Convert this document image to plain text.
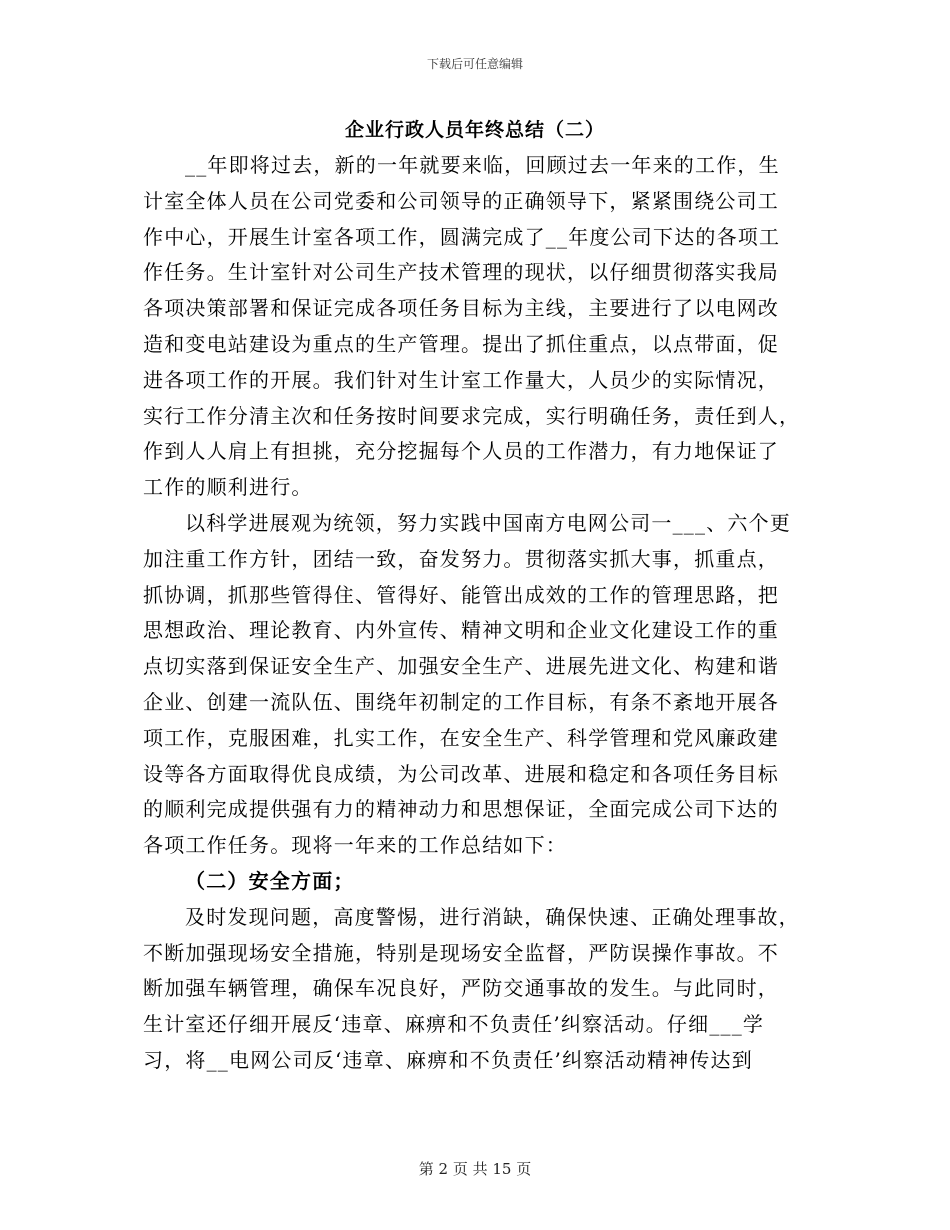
下载后可任意编辑
企业行政人员年终总结（二）
__年即将过去，新的一年就要来临，回顾过去一年来的工作，生
计室全体人员在公司党委和公司领导的正确领导下，紧紧围绕公司工
作中心，开展生计室各项工作，圆满完成了__年度公司下达的各项工
作任务。生计室针对公司生产技术管理的现状，以仔细贯彻落实我局
各项决策部署和保证完成各项任务目标为主线，主要进行了以电网改
造和变电站建设为重点的生产管理。提出了抓住重点，以点带面，促
进各项工作的开展。我们针对生计室工作量大，人员少的实际情况，
实行工作分清主次和任务按时间要求完成，实行明确任务，责任到人，
作到人人肩上有担挑，充分挖掘每个人员的工作潜力，有力地保证了
工作的顺利进行。
以科学进展观为统领，努力实践中国南方电网公司一___、六个更
加注重工作方针，团结一致，奋发努力。贯彻落实抓大事，抓重点，
抓协调，抓那些管得住、管得好、能管出成效的工作的管理思路，把
思想政治、理论教育、内外宣传、精神文明和企业文化建设工作的重
点切实落到保证安全生产、加强安全生产、进展先进文化、构建和谐
企业、创建一流队伍、围绕年初制定的工作目标，有条不紊地开展各
项工作，克服困难，扎实工作，在安全生产、科学管理和党风廉政建
设等各方面取得优良成绩，为公司改革、进展和稳定和各项任务目标
的顺利完成提供强有力的精神动力和思想保证，全面完成公司下达的
各项工作任务。现将一年来的工作总结如下：
（二）安全方面；
及时发现问题，高度警惕，进行消缺，确保快速、正确处理事故，
不断加强现场安全措施，特别是现场安全监督，严防误操作事故。不
断加强车辆管理，确保车况良好，严防交通事故的发生。与此同时，
生计室还仔细开展反‘违章、麻痹和不负责任’纠察活动。仔细___学
习，将__电网公司反‘违章、麻痹和不负责任’纠察活动精神传达到
第 2 页 共 15 页
